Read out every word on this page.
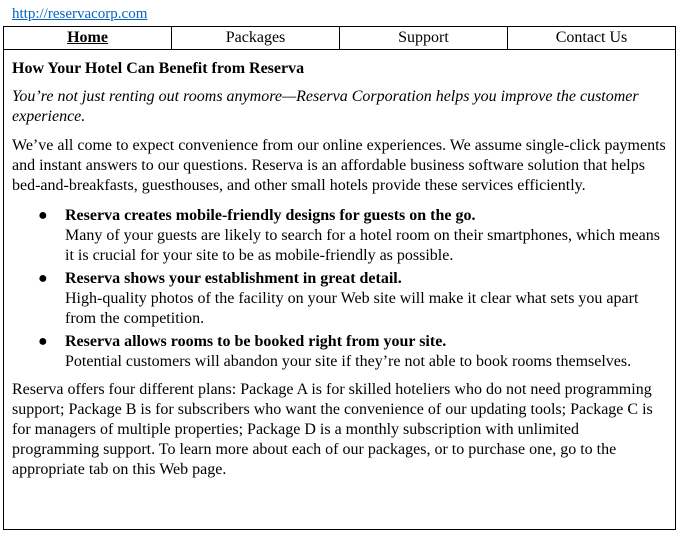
http://reservacorp.com
Home	Packages	Support	Contact Us

How Your Hotel Can Benefit from Reserva

You’re not just renting out rooms anymore—Reserva Corporation helps you improve the customer experience.

We’ve all come to expect convenience from our online experiences. We assume single-click payments and instant answers to our questions. Reserva is an affordable business software solution that helps bed-and-breakfasts, guesthouses, and other small hotels provide these services efficiently.

● Reserva creates mobile-friendly designs for guests on the go.
Many of your guests are likely to search for a hotel room on their smartphones, which means it is crucial for your site to be as mobile-friendly as possible.
● Reserva shows your establishment in great detail.
High-quality photos of the facility on your Web site will make it clear what sets you apart from the competition.
● Reserva allows rooms to be booked right from your site.
Potential customers will abandon your site if they’re not able to book rooms themselves.

Reserva offers four different plans: Package A is for skilled hoteliers who do not need programming support; Package B is for subscribers who want the convenience of our updating tools; Package C is for managers of multiple properties; Package D is a monthly subscription with unlimited programming support. To learn more about each of our packages, or to purchase one, go to the appropriate tab on this Web page.
